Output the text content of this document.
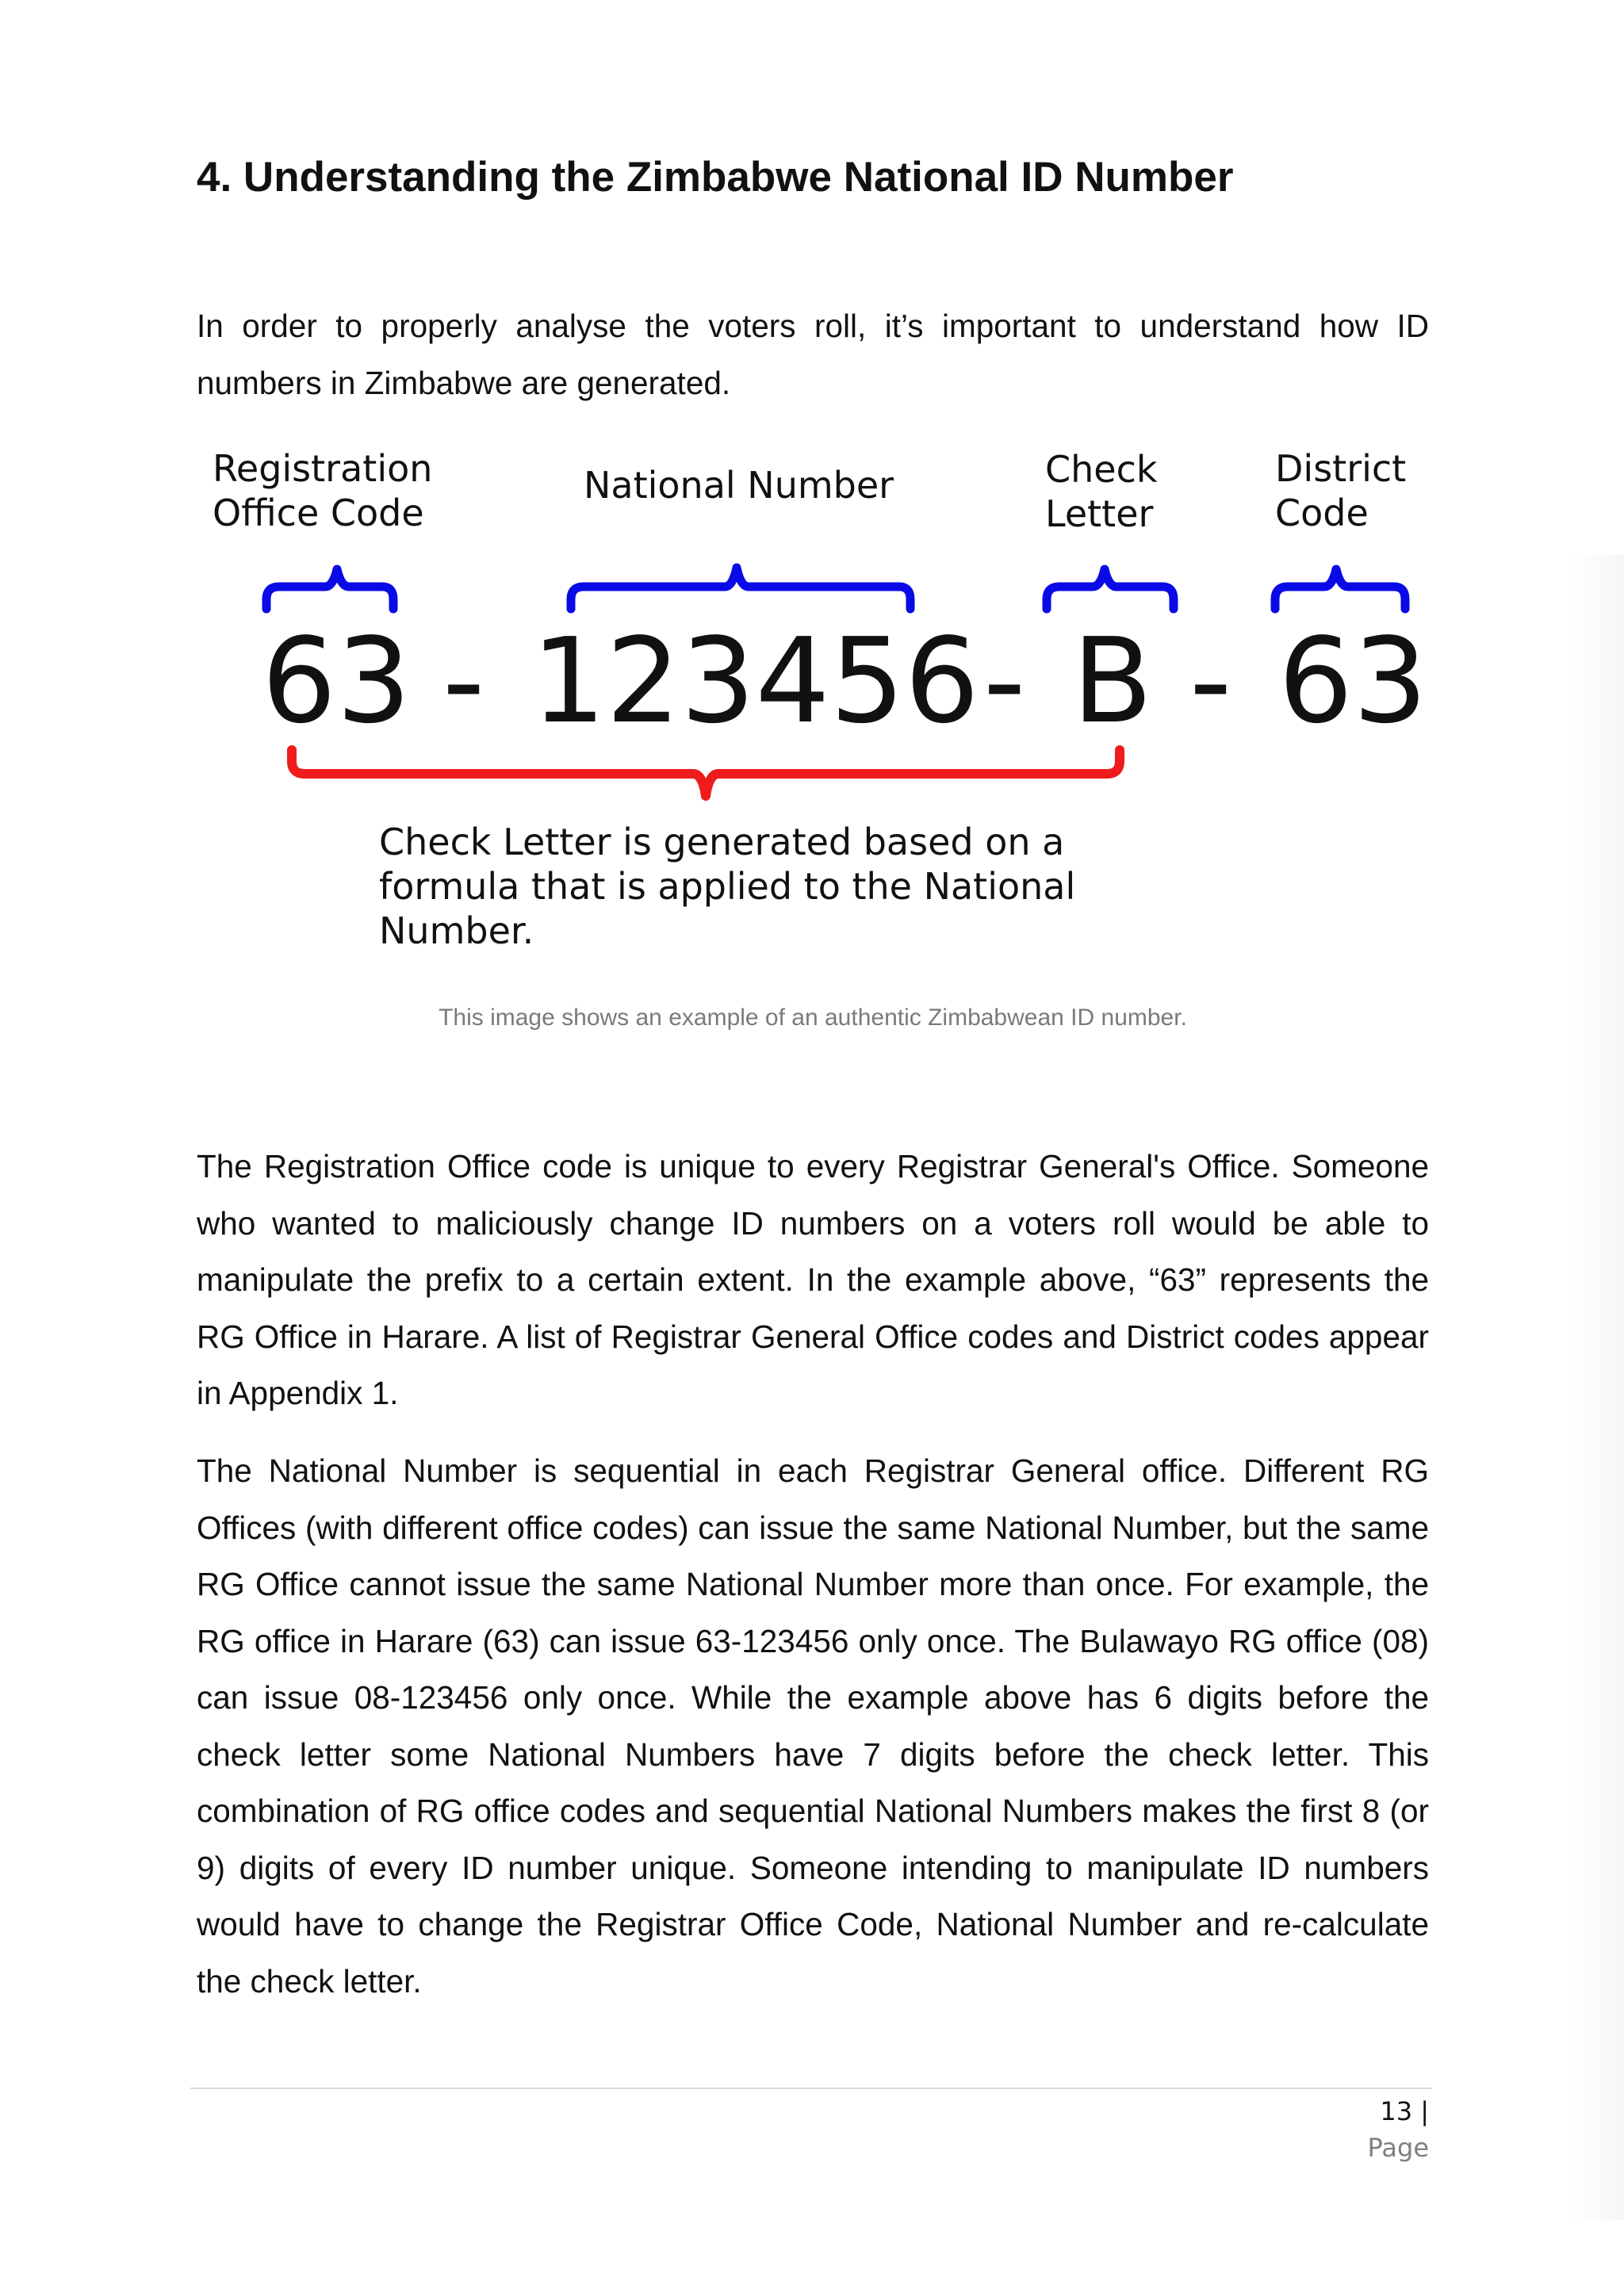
4. Understanding the Zimbabwe National ID Number

In order to properly analyse the voters roll, it’s important to understand how ID numbers in Zimbabwe are generated.

Registration
Office Code
National Number	Check
Letter
District
Code
63 - 123456 - B - 63
Check Letter is generated based on a
formula that is applied to the National
Number.

This image shows an example of an authentic Zimbabwean ID number.

The Registration Office code is unique to every Registrar General's Office. Someone who wanted to maliciously change ID numbers on a voters roll would be able to manipulate the prefix to a certain extent. In the example above, “63” represents the RG Office in Harare. A list of Registrar General Office codes and District codes appear in Appendix 1.

The National Number is sequential in each Registrar General office. Different RG Offices (with different office codes) can issue the same National Number, but the same RG Office cannot issue the same National Number more than once. For example, the RG office in Harare (63) can issue 63-123456 only once. The Bulawayo RG office (08) can issue 08-123456 only once. While the example above has 6 digits before the check letter some National Numbers have 7 digits before the check letter. This combination of RG office codes and sequential National Numbers makes the first 8 (or 9) digits of every ID number unique. Someone intending to manipulate ID numbers would have to change the Registrar Office Code, National Number and re-calculate the check letter.

13 |
Page
